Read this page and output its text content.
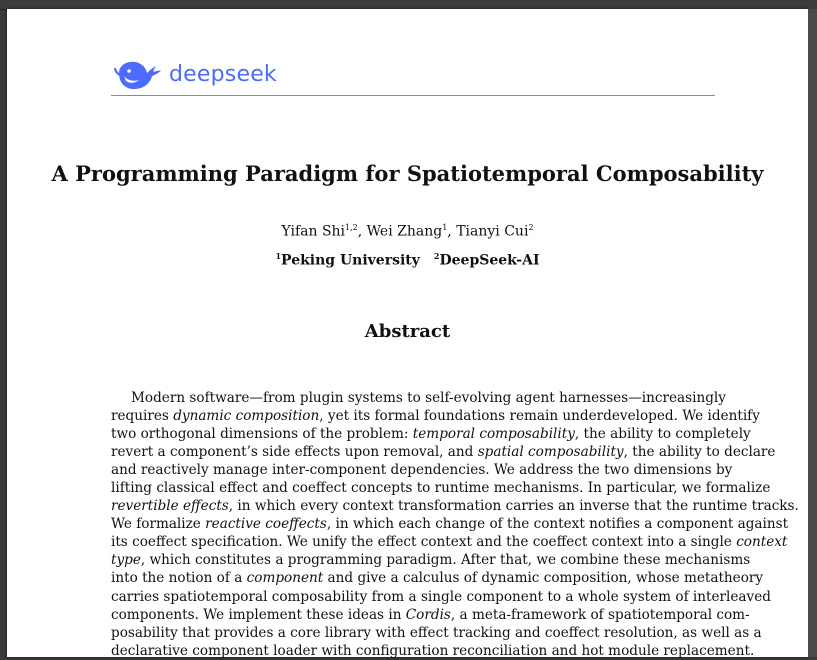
deepseek
A Programming Paradigm for Spatiotemporal Composability
Yifan Shi$^{1,2}$, Wei Zhang$^1$, Tianyi Cui$^2$
$^1$Peking University $^2$DeepSeek-AI
Abstract
Modern software—from plugin systems to self-evolving agent harnesses—increasingly
requires dynamic composition, yet its formal foundations remain underdeveloped. We identify
two orthogonal dimensions of the problem: temporal composability, the ability to completely
revert a component’s side effects upon removal, and spatial composability, the ability to declare
and reactively manage inter-component dependencies. We address the two dimensions by
lifting classical effect and coeffect concepts to runtime mechanisms. In particular, we formalize
revertible effects, in which every context transformation carries an inverse that the runtime tracks.
We formalize reactive coeffects, in which each change of the context notifies a component against
its coeffect specification. We unify the effect context and the coeffect context into a single context
type, which constitutes a programming paradigm. After that, we combine these mechanisms
into the notion of a component and give a calculus of dynamic composition, whose metatheory
carries spatiotemporal composability from a single component to a whole system of interleaved
components. We implement these ideas in Cordis, a meta-framework of spatiotemporal com-
posability that provides a core library with effect tracking and coeffect resolution, as well as a
declarative component loader with configuration reconciliation and hot module replacement.
